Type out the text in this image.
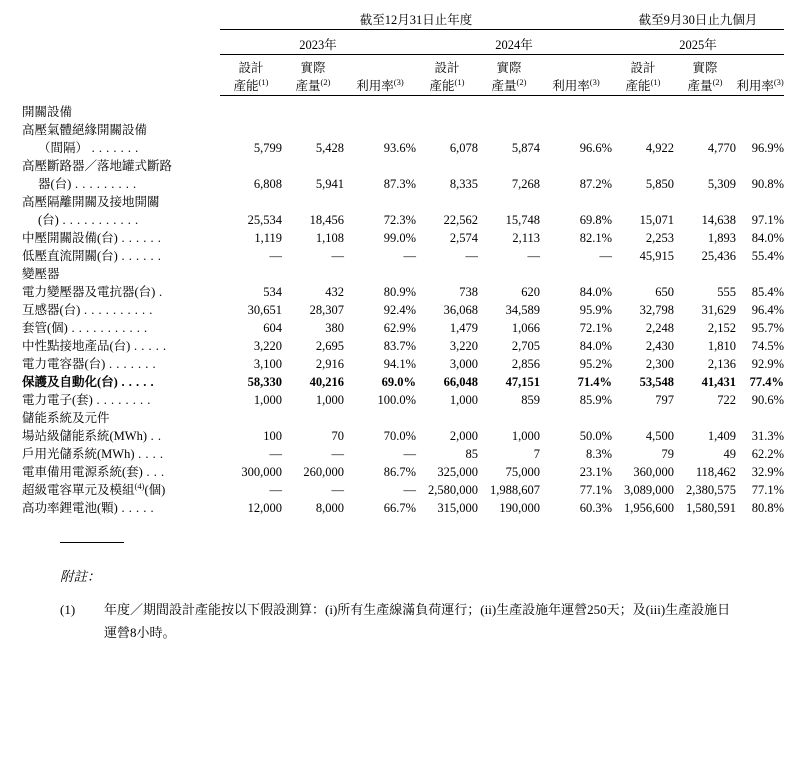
	截至12月31日止年度						截至9月30日止九個月		

	2023年			2024年			2025年		

	設計	實際		設計	實際		設計	實際	
	產能$^{(1)}$	產量$^{(2)}$	利用率$^{(3)}$	產能$^{(1)}$	產量$^{(2)}$	利用率$^{(3)}$	產能$^{(1)}$	產量$^{(2)}$	利用率$^{(3)}$

開關設備									
高壓氣體絕緣開關設備									
（間隔） . . . . . . .	5,799	5,428	93.6%	6,078	5,874	96.6%	4,922	4,770	96.9%
高壓斷路器／落地罐式斷路									
器(台) . . . . . . . . .	6,808	5,941	87.3%	8,335	7,268	87.2%	5,850	5,309	90.8%
高壓隔離開關及接地開關									
(台) . . . . . . . . . . .	25,534	18,456	72.3%	22,562	15,748	69.8%	15,071	14,638	97.1%
中壓開關設備(台) . . . . . .	1,119	1,108	99.0%	2,574	2,113	82.1%	2,253	1,893	84.0%
低壓直流開關(台) . . . . . .	—	—	—	—	—	—	45,915	25,436	55.4%
變壓器									
電力變壓器及電抗器(台) .	534	432	80.9%	738	620	84.0%	650	555	85.4%
互感器(台) . . . . . . . . . .	30,651	28,307	92.4%	36,068	34,589	95.9%	32,798	31,629	96.4%
套管(個) . . . . . . . . . . .	604	380	62.9%	1,479	1,066	72.1%	2,248	2,152	95.7%
中性點接地產品(台) . . . . .	3,220	2,695	83.7%	3,220	2,705	84.0%	2,430	1,810	74.5%
電力電容器(台) . . . . . . .	3,100	2,916	94.1%	3,000	2,856	95.2%	2,300	2,136	92.9%
保護及自動化(台) . . . . .	58,330	40,216	69.0%	66,048	47,151	71.4%	53,548	41,431	77.4%
電力電子(套) . . . . . . . .	1,000	1,000	100.0%	1,000	859	85.9%	797	722	90.6%
儲能系統及元件									
場站級儲能系統(MWh) . .	100	70	70.0%	2,000	1,000	50.0%	4,500	1,409	31.3%
戶用光儲系統(MWh) . . . .	—	—	—	85	7	8.3%	79	49	62.2%
電車備用電源系統(套) . . .	300,000	260,000	86.7%	325,000	75,000	23.1%	360,000	118,462	32.9%
超級電容單元及模組$^{(4)}$(個)	—	—	—	2,580,000	1,988,607	77.1%	3,089,000	2,380,575	77.1%
高功率鋰電池(顆) . . . . .	12,000	8,000	66.7%	315,000	190,000	60.3%	1,956,600	1,580,591	80.8%
附註：
(1)	年度／期間設計產能按以下假設測算：(i)所有生產線滿負荷運行；(ii)生產設施年運營250天；及(iii)生產設施日運營8小時。
